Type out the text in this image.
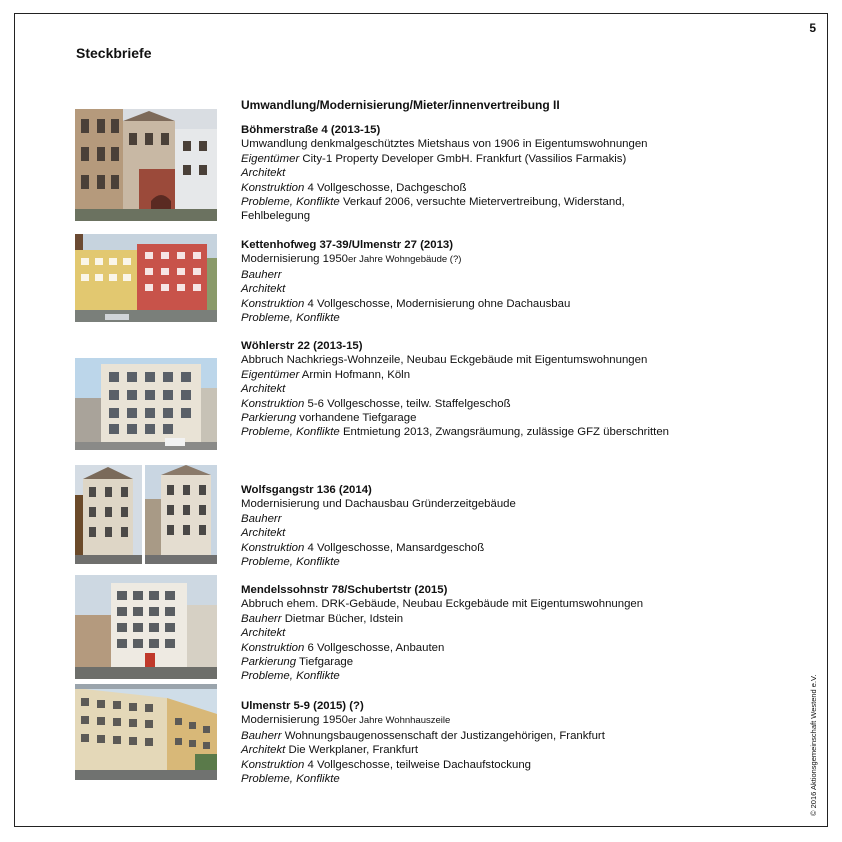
5
Steckbriefe
Umwandlung/Modernisierung/Mieter/innenvertreibung II
© 2016 Aktionsgemeinschaft Westend e.V.
Böhmerstraße 4 (2013-15)
Umwandlung denkmalgeschütztes Mietshaus von 1906 in Eigentumswohnungen
Eigentümer City-1 Property Developer GmbH. Frankfurt (Vassilios Farmakis)
Architekt
Konstruktion 4 Vollgeschosse, Dachgeschoß
Probleme, Konflikte Verkauf 2006, versuchte Mietervertreibung, Widerstand, Fehlbelegung
Kettenhofweg 37-39/Ulmenstr 27 (2013)
Modernisierung 1950er Jahre Wohngebäude (?)
Bauherr
Architekt
Konstruktion 4 Vollgeschosse, Modernisierung ohne Dachausbau
Probleme, Konflikte
Wöhlerstr 22 (2013-15)
Abbruch Nachkriegs-Wohnzeile, Neubau Eckgebäude mit Eigentumswohnungen
Eigentümer Armin Hofmann, Köln
Architekt
Konstruktion 5-6 Vollgeschosse, teilw. Staffelgeschoß
Parkierung vorhandene Tiefgarage
Probleme, Konflikte Entmietung 2013, Zwangsräumung, zulässige GFZ überschritten
Wolfsgangstr 136 (2014)
Modernisierung und Dachausbau Gründerzeitgebäude
Bauherr
Architekt
Konstruktion 4 Vollgeschosse, Mansardgeschoß
Probleme, Konflikte
Mendelssohnstr 78/Schubertstr (2015)
Abbruch ehem. DRK-Gebäude, Neubau Eckgebäude mit Eigentumswohnungen
Bauherr Dietmar Bücher, Idstein
Architekt
Konstruktion 6 Vollgeschosse, Anbauten
Parkierung Tiefgarage
Probleme, Konflikte
Ulmenstr 5-9 (2015) (?)
Modernisierung 1950er Jahre Wohnhauszeile
Bauherr Wohnungsbaugenossenschaft der Justizangehörigen, Frankfurt
Architekt Die Werkplaner, Frankfurt
Konstruktion 4 Vollgeschosse, teilweise Dachaufstockung
Probleme, Konflikte
